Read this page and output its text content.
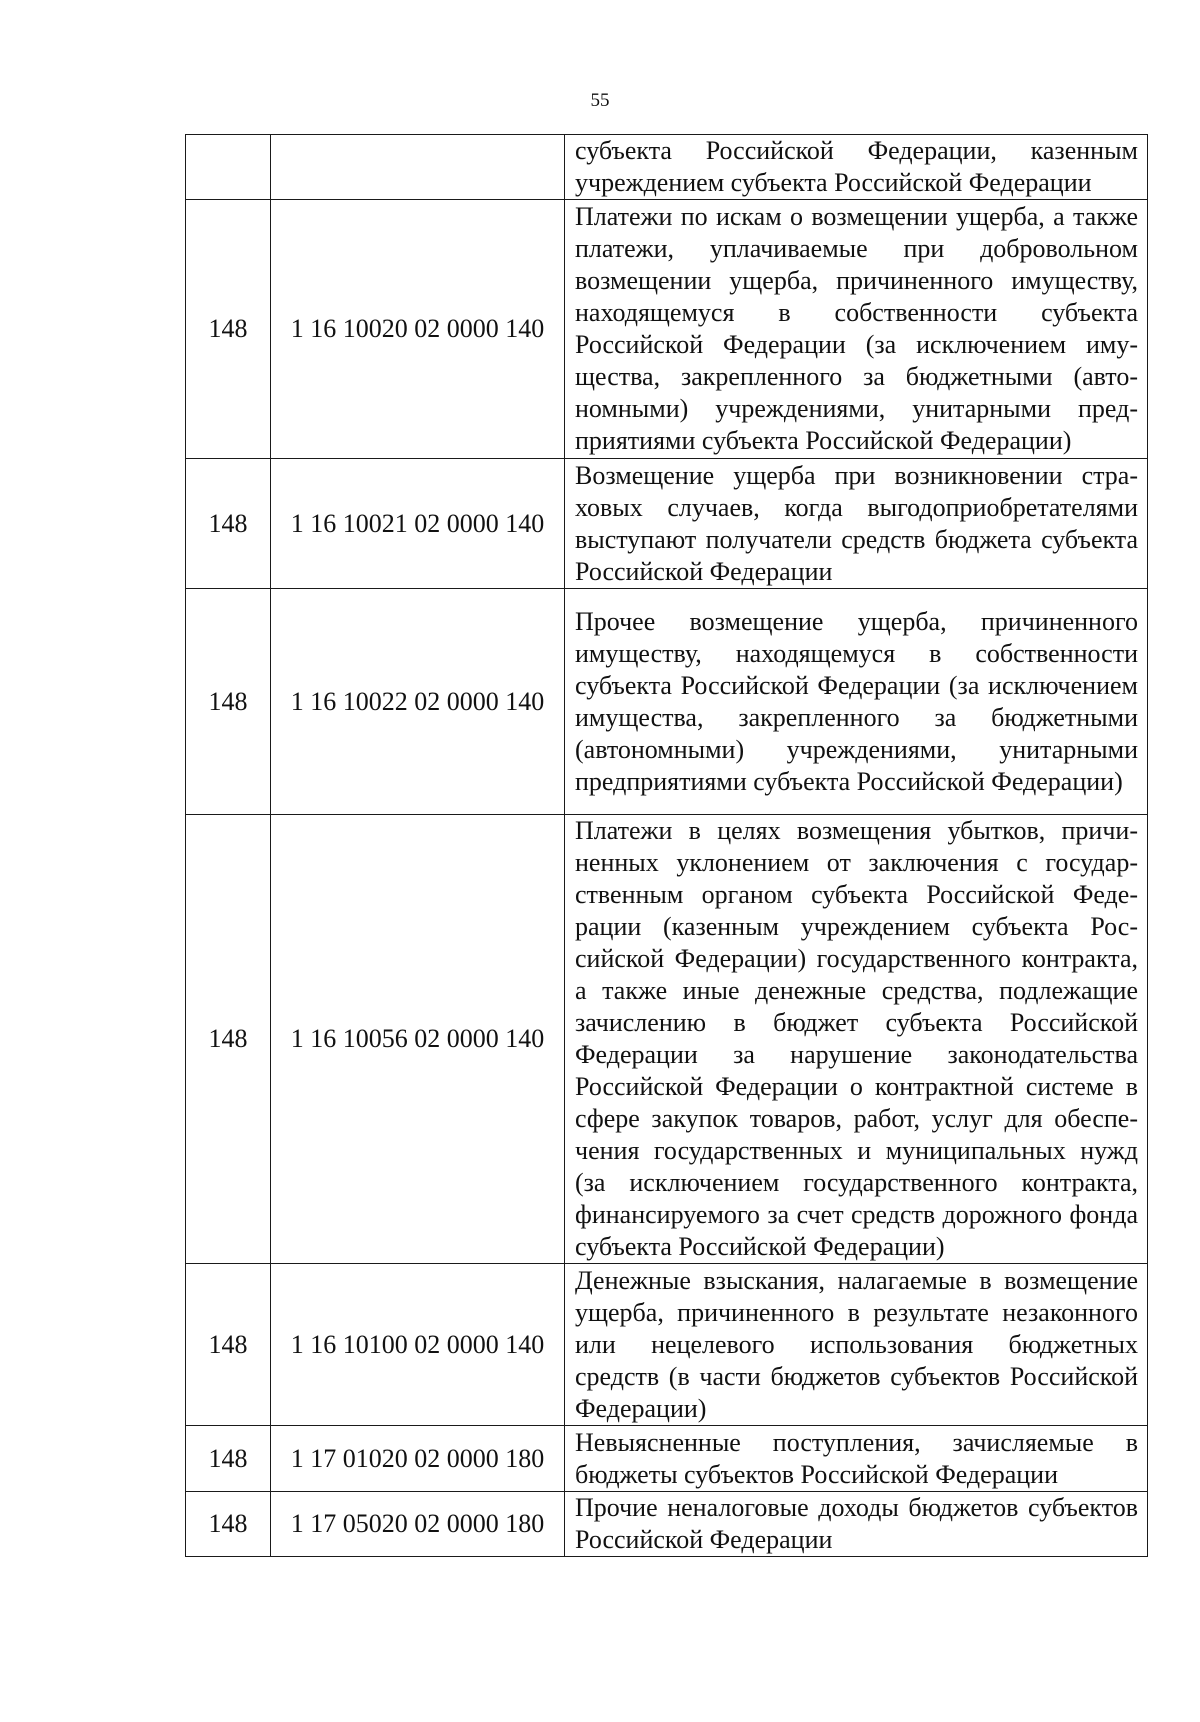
55
		субъекта Российской Федерации, казенным учреждением субъекта Российской Федерации
148	1 16 10020 02 0000 140	Платежи по искам о возмещении ущерба, а также платежи, уплачиваемые при добровольном возмещении ущерба, причиненного имуществу, находящемуся в собственности субъекта Российской Федерации (за исключением имущества, закрепленного за бюджетными (автономными) учреждениями, унитарными предприятиями субъекта Российской Федерации)
148	1 16 10021 02 0000 140	Возмещение ущерба при возникновении страховых случаев, когда выгодоприобретателями выступают получатели средств бюджета субъекта Российской Федерации
148	1 16 10022 02 0000 140	Прочее возмещение ущерба, причиненного имуществу, находящемуся в собственности субъекта Российской Федерации (за исключением имущества, закрепленного за бюджетными (автономными) учреждениями, унитарными предприятиями субъекта Российской Федерации)
148	1 16 10056 02 0000 140	Платежи в целях возмещения убытков, причиненных уклонением от заключения с государственным органом субъекта Российской Федерации (казенным учреждением субъекта Российской Федерации) государственного контракта, а также иные денежные средства, подлежащие зачислению в бюджет субъекта Российской Федерации за нарушение законодательства Российской Федерации о контрактной системе в сфере закупок товаров, работ, услуг для обеспечения государственных и муниципальных нужд (за исключением государственного контракта, финансируемого за счет средств дорожного фонда субъекта Российской Федерации)
148	1 16 10100 02 0000 140	Денежные взыскания, налагаемые в возмещение ущерба, причиненного в результате незаконного или нецелевого использования бюджетных средств (в части бюджетов субъектов Российской Федерации)
148	1 17 01020 02 0000 180	Невыясненные поступления, зачисляемые в бюджеты субъектов Российской Федерации
148	1 17 05020 02 0000 180	Прочие неналоговые доходы бюджетов субъектов Российской Федерации
